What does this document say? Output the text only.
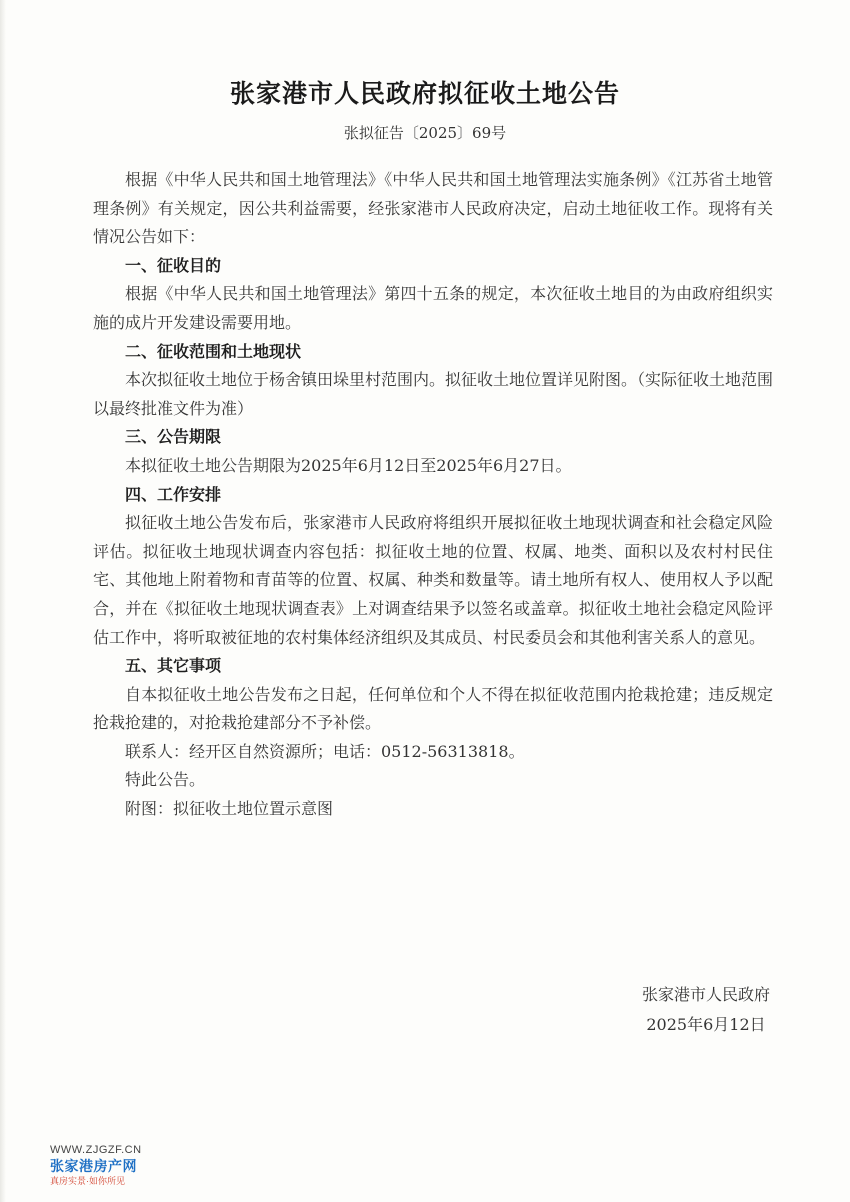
张家港市人民政府拟征收土地公告
张拟征告〔2025〕69号

根据《中华人民共和国土地管理法》《中华人民共和国土地管理法实施条例》《江苏省土地管理条例》有关规定，因公共利益需要，经张家港市人民政府决定，启动土地征收工作。现将有关情况公告如下：

一、征收目的

根据《中华人民共和国土地管理法》第四十五条的规定，本次征收土地目的为由政府组织实施的成片开发建设需要用地。

二、征收范围和土地现状

本次拟征收土地位于杨舍镇田垛里村范围内。拟征收土地位置详见附图。（实际征收土地范围以最终批准文件为准）

三、公告期限

本拟征收土地公告期限为2025年6月12日至2025年6月27日。

四、工作安排

拟征收土地公告发布后，张家港市人民政府将组织开展拟征收土地现状调查和社会稳定风险评估。拟征收土地现状调查内容包括：拟征收土地的位置、权属、地类、面积以及农村村民住宅、其他地上附着物和青苗等的位置、权属、种类和数量等。请土地所有权人、使用权人予以配合，并在《拟征收土地现状调查表》上对调查结果予以签名或盖章。拟征收土地社会稳定风险评估工作中，将听取被征地的农村集体经济组织及其成员、村民委员会和其他利害关系人的意见。

五、其它事项

自本拟征收土地公告发布之日起，任何单位和个人不得在拟征收范围内抢栽抢建；违反规定抢栽抢建的，对抢栽抢建部分不予补偿。

联系人：经开区自然资源所；电话：0512-56313818。

特此公告。

附图：拟征收土地位置示意图

张家港市人民政府
2025年6月12日
WWW.ZJGZF.CN
张家港房产网
真房实景·如你所见
